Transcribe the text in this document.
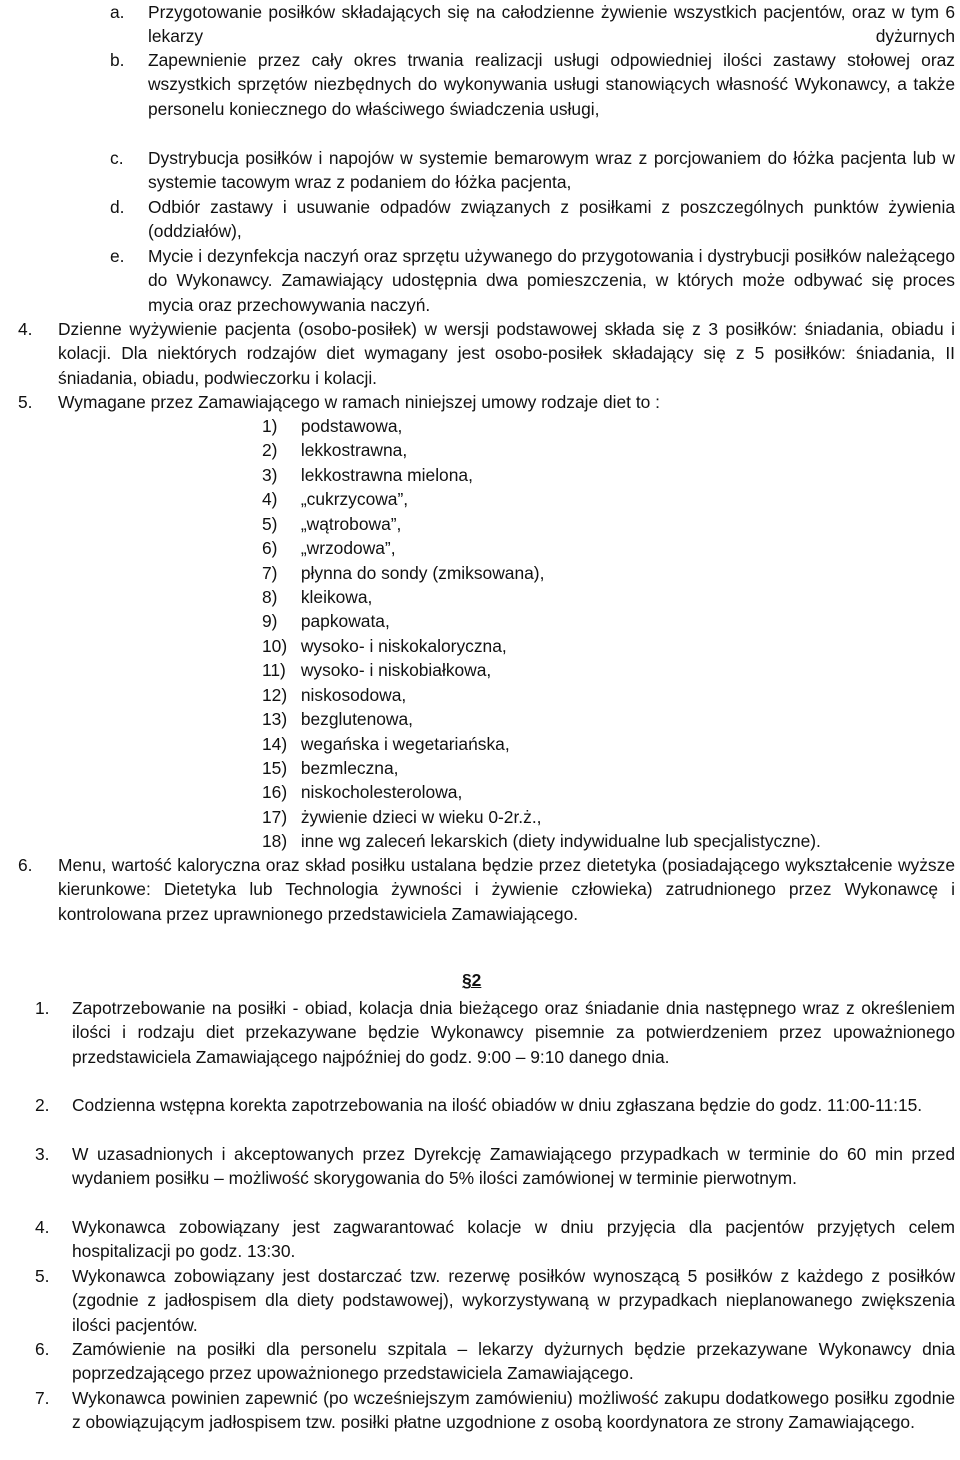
a.	Przygotowanie posiłków składających się na całodzienne żywienie wszystkich pacjentów, oraz w tym 6 lekarzy dyżurnych
b.	Zapewnienie przez cały okres trwania realizacji usługi odpowiedniej ilości zastawy stołowej oraz wszystkich sprzętów niezbędnych do wykonywania usługi stanowiących własność Wykonawcy, a także personelu koniecznego do właściwego świadczenia usługi,
c.	Dystrybucja posiłków i napojów w systemie bemarowym wraz z porcjowaniem do łóżka pacjenta lub w systemie tacowym wraz z podaniem do łóżka pacjenta,
d.	Odbiór zastawy i usuwanie odpadów związanych z posiłkami z poszczególnych punktów żywienia (oddziałów),
e.	Mycie i dezynfekcja naczyń oraz sprzętu używanego do przygotowania i dystrybucji posiłków należącego do Wykonawcy. Zamawiający udostępnia dwa pomieszczenia, w których może odbywać się proces mycia oraz przechowywania naczyń.
4.	Dzienne wyżywienie pacjenta (osobo-posiłek) w wersji podstawowej składa się z 3 posiłków: śniadania, obiadu i kolacji. Dla niektórych rodzajów diet wymagany jest osobo-posiłek składający się z 5 posiłków: śniadania, II śniadania, obiadu, podwieczorku i kolacji.
5.	Wymagane przez Zamawiającego w ramach niniejszej umowy rodzaje diet to :
1) podstawowa,
2) lekkostrawna,
3) lekkostrawna mielona,
4) „cukrzycowa”,
5) „wątrobowa”,
6) „wrzodowa”,
7) płynna do sondy (zmiksowana),
8) kleikowa,
9) papkowata,
10) wysoko- i niskokaloryczna,
11) wysoko- i niskobiałkowa,
12) niskosodowa,
13) bezglutenowa,
14) wegańska i wegetariańska,
15) bezmleczna,
16) niskocholesterolowa,
17) żywienie dzieci w wieku 0-2r.ż.,
18) inne wg zaleceń lekarskich (diety indywidualne lub specjalistyczne).
6.	Menu, wartość kaloryczna oraz skład posiłku ustalana będzie przez dietetyka (posiadającego wykształcenie wyższe kierunkowe: Dietetyka lub Technologia żywności i żywienie człowieka) zatrudnionego przez Wykonawcę i kontrolowana przez uprawnionego przedstawiciela Zamawiającego.
§2
1.	Zapotrzebowanie na posiłki - obiad, kolacja dnia bieżącego oraz śniadanie dnia następnego wraz z określeniem ilości i rodzaju diet przekazywane będzie Wykonawcy pisemnie za potwierdzeniem przez upoważnionego przedstawiciela Zamawiającego najpóźniej do godz. 9:00 – 9:10 danego dnia.
2.	Codzienna wstępna korekta zapotrzebowania na ilość obiadów w dniu zgłaszana będzie do godz. 11:00-11:15.
3.	W uzasadnionych i akceptowanych przez Dyrekcję Zamawiającego przypadkach w terminie do 60 min przed wydaniem posiłku – możliwość skorygowania do 5% ilości zamówionej w terminie pierwotnym.
4.	Wykonawca zobowiązany jest zagwarantować kolacje w dniu przyjęcia dla pacjentów przyjętych celem hospitalizacji po godz. 13:30.
5.	Wykonawca zobowiązany jest dostarczać tzw. rezerwę posiłków wynoszącą 5 posiłków z każdego z posiłków (zgodnie z jadłospisem dla diety podstawowej), wykorzystywaną w przypadkach nieplanowanego zwiększenia ilości pacjentów.
6.	Zamówienie na posiłki dla personelu szpitala – lekarzy dyżurnych będzie przekazywane Wykonawcy dnia poprzedzającego przez upoważnionego przedstawiciela Zamawiającego.
7.	Wykonawca powinien zapewnić (po wcześniejszym zamówieniu) możliwość zakupu dodatkowego posiłku zgodnie z obowiązującym jadłospisem tzw. posiłki płatne uzgodnione z osobą koordynatora ze strony Zamawiającego.
